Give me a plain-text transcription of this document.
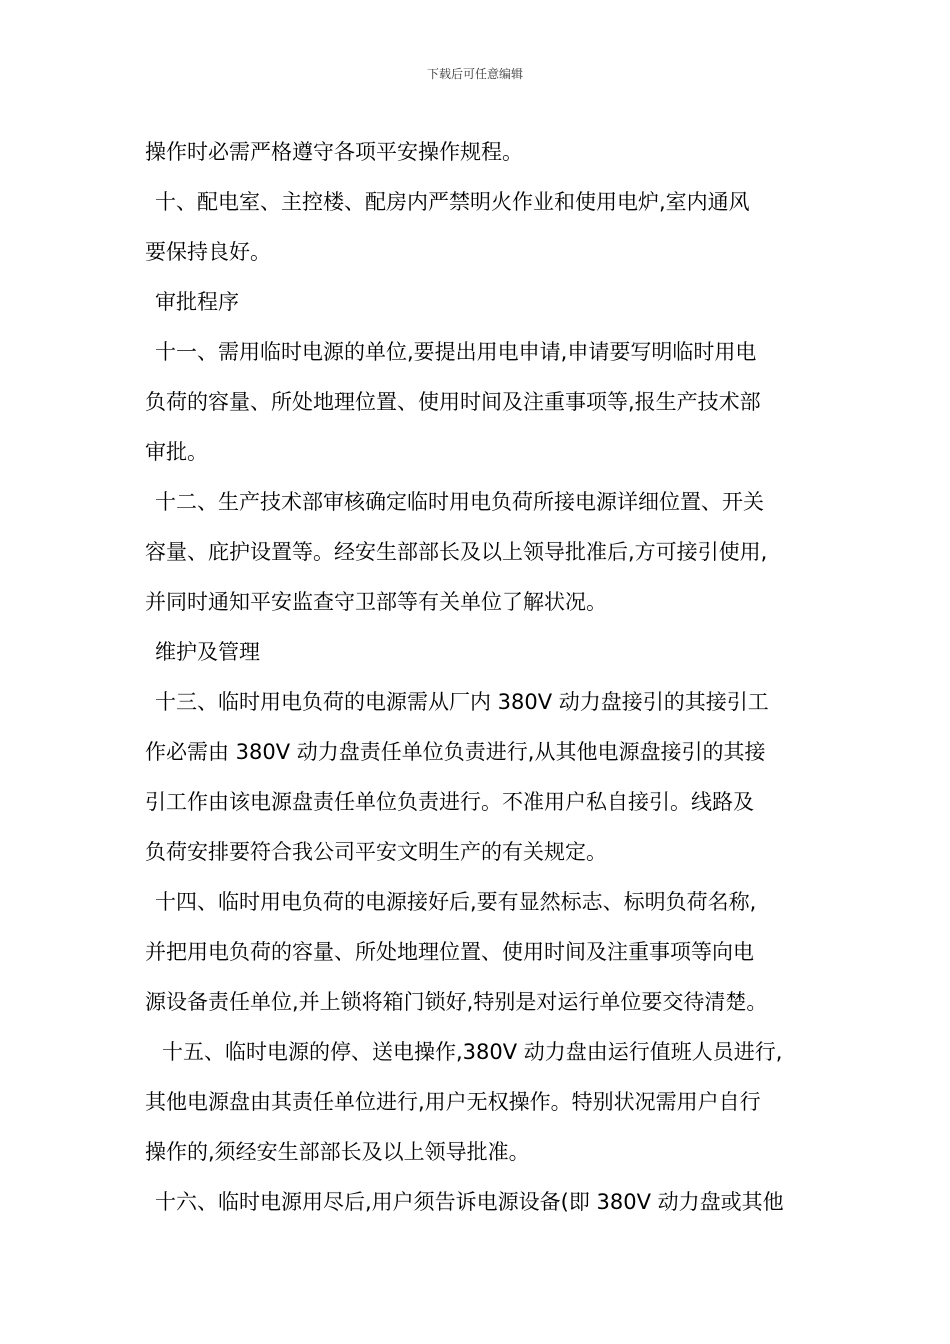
下载后可任意编辑
操作时必需严格遵守各项平安操作规程。
十、配电室、主控楼、配房内严禁明火作业和使用电炉,室内通风
要保持良好。
审批程序
十一、需用临时电源的单位,要提出用电申请,申请要写明临时用电
负荷的容量、所处地理位置、使用时间及注重事项等,报生产技术部
审批。
十二、生产技术部审核确定临时用电负荷所接电源详细位置、开关
容量、庇护设置等。经安生部部长及以上领导批准后,方可接引使用,
并同时通知平安监查守卫部等有关单位了解状况。
维护及管理
十三、临时用电负荷的电源需从厂内 380V 动力盘接引的其接引工
作必需由 380V 动力盘责任单位负责进行,从其他电源盘接引的其接
引工作由该电源盘责任单位负责进行。不准用户私自接引。线路及
负荷安排要符合我公司平安文明生产的有关规定。
十四、临时用电负荷的电源接好后,要有显然标志、标明负荷名称,
并把用电负荷的容量、所处地理位置、使用时间及注重事项等向电
源设备责任单位,并上锁将箱门锁好,特别是对运行单位要交待清楚。
十五、临时电源的停、送电操作,380V 动力盘由运行值班人员进行,
其他电源盘由其责任单位进行,用户无权操作。特别状况需用户自行
操作的,须经安生部部长及以上领导批准。
十六、临时电源用尽后,用户须告诉电源设备(即 380V 动力盘或其他
